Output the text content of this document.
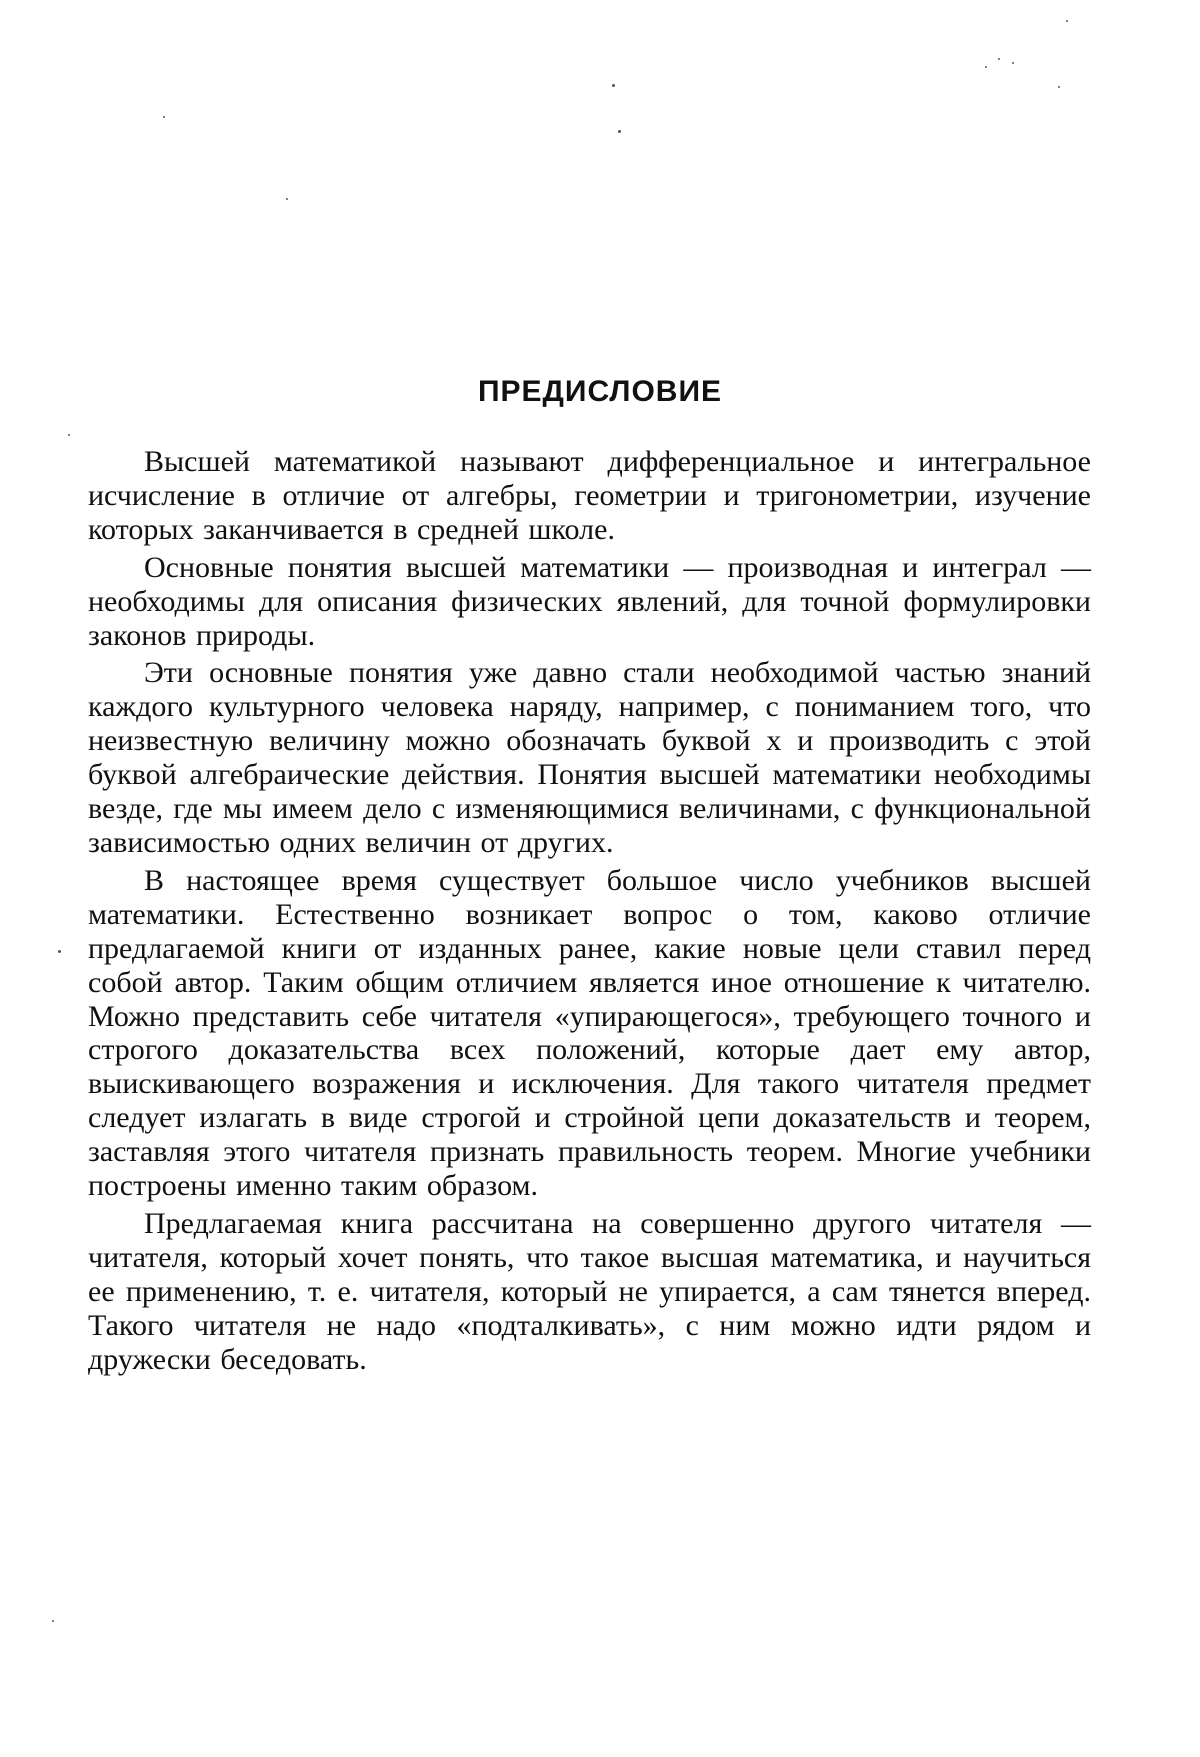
ПРЕДИСЛОВИЕ

Высшей математикой называют дифференциальное и интегральное исчисление в отличие от алгебры, геометрии и тригонометрии, изучение которых заканчивается в средней школе.

Основные понятия высшей математики — производная и интеграл — необходимы для описания физических явлений, для точной формулировки законов природы.

Эти основные понятия уже давно стали необходимой частью знаний каждого культурного человека наряду, например, с пониманием того, что неизвестную величину можно обозначать буквой x и производить с этой буквой алгебраические действия. Понятия высшей математики необходимы везде, где мы имеем дело с изменяющимися величинами, с функциональной зависимостью одних величин от других.

В настоящее время существует большое число учебников высшей математики. Естественно возникает вопрос о том, каково отличие предлагаемой книги от изданных ранее, какие новые цели ставил перед собой автор. Таким общим отличием является иное отношение к читателю. Можно представить себе читателя «упирающегося», требующего точного и строгого доказательства всех положений, которые дает ему автор, выискивающего возражения и исключения. Для такого читателя предмет следует излагать в виде строгой и стройной цепи доказательств и теорем, заставляя этого читателя признать правильность теорем. Многие учебники построены именно таким образом.

Предлагаемая книга рассчитана на совершенно другого читателя — читателя, который хочет понять, что такое высшая математика, и научиться ее применению, т. е. читателя, который не упирается, а сам тянется вперед. Такого читателя не надо «подталкивать», с ним можно идти рядом и дружески беседовать.
